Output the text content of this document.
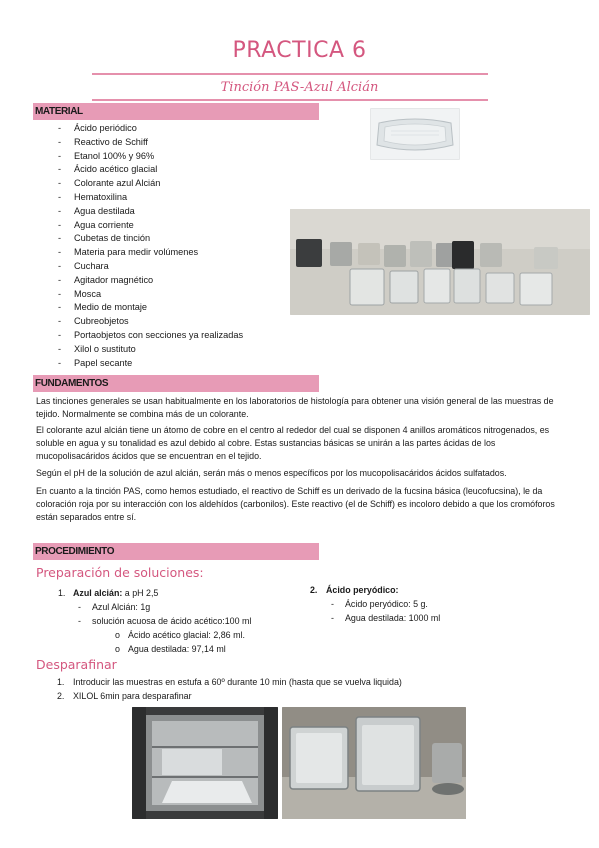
PRACTICA 6
Tinción PAS-Azul Alcián
MATERIAL
- Ácido periódico
- Reactivo de Schiff
- Etanol 100% y 96%
- Ácido acético glacial
- Colorante azul Alcián
- Hematoxilina
- Agua destilada
- Agua corriente
- Cubetas de tinción
- Materia para medir volúmenes
- Cuchara
- Agitador magnético
- Mosca
- Medio de montaje
- Cubreobjetos
- Portaobjetos con secciones ya realizadas
- Xilol o sustituto
- Papel secante
FUNDAMENTOS
Las tinciones generales se usan habitualmente en los laboratorios de histología para obtener una visión general de las muestras de tejido. Normalmente se combina más de un colorante.
El colorante azul alcián tiene un átomo de cobre en el centro al rededor del cual se disponen 4 anillos aromáticos nitrogenados, es soluble en agua y su tonalidad es azul debido al cobre. Estas sustancias básicas se unirán a las partes ácidas de los mucopolisacáridos ácidos que se encuentran en el tejido.
Según el pH de la solución de azul alcián, serán más o menos específicos por los mucopolisacáridos ácidos sulfatados.
En cuanto a la tinción PAS, como hemos estudiado, el reactivo de Schiff es un derivado de la fucsina básica (leucofucsina), le da coloración roja por su interacción con los aldehídos (carbonilos). Este reactivo (el de Schiff) es incoloro debido a que los cromóforos están separados entre sí.
PROCEDIMIENTO
Preparación de soluciones:
1. Azul alcián: a pH 2,5
- Azul Alcián: 1g
- solución acuosa de ácido acético:100 ml
o Ácido acético glacial: 2,86 ml.
o Agua destilada: 97,14 ml
2. Ácido peryódico:
- Ácido peryódico: 5 g.
- Agua destilada: 1000 ml
Desparafinar
1. Introducir las muestras en estufa a 60º durante 10 min (hasta que se vuelva liquida)
2. XILOL 6min para desparafinar
